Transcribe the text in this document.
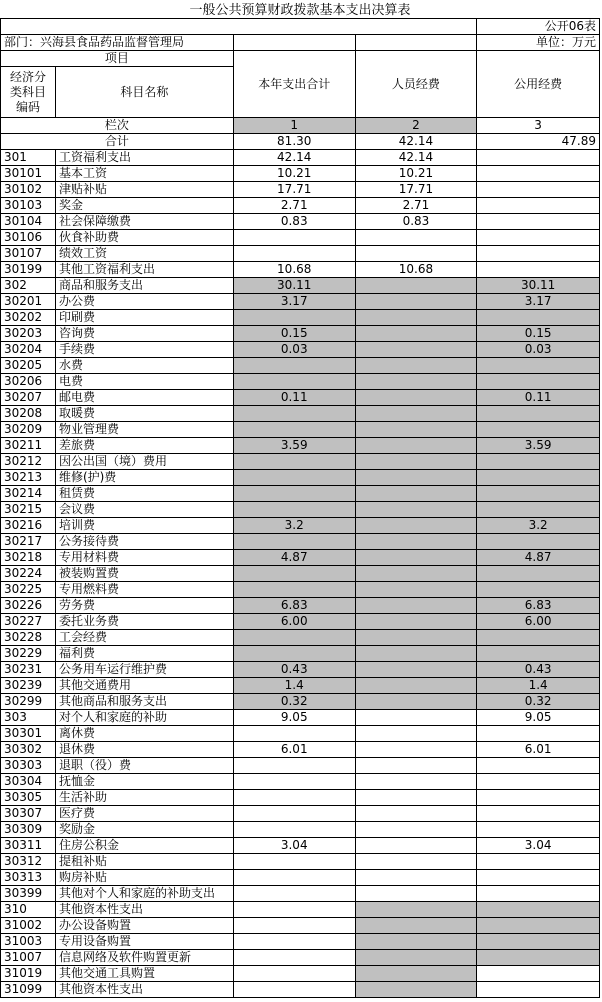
一般公共预算财政拨款基本支出决算表
				公开06表
部门：兴海县食品药品监督管理局				单位：万元
项目		本年支出合计	人员经费	公用经费
经济分类科目编码	科目名称			
栏次		1	2	3
合计		81.30	42.14	47.89
301	工资福利支出	42.14	42.14	
30101	基本工资	10.21	10.21	
30102	津贴补贴	17.71	17.71	
30103	奖金	2.71	2.71	
30104	社会保障缴费	0.83	0.83	
30106	伙食补助费			
30107	绩效工资			
30199	其他工资福利支出	10.68	10.68	
302	商品和服务支出	30.11		30.11
30201	办公费	3.17		3.17
30202	印刷费			
30203	咨询费	0.15		0.15
30204	手续费	0.03		0.03
30205	水费			
30206	电费			
30207	邮电费	0.11		0.11
30208	取暖费			
30209	物业管理费			
30211	差旅费	3.59		3.59
30212	因公出国（境）费用			
30213	维修(护)费			
30214	租赁费			
30215	会议费			
30216	培训费	3.2		3.2
30217	公务接待费			
30218	专用材料费	4.87		4.87
30224	被装购置费			
30225	专用燃料费			
30226	劳务费	6.83		6.83
30227	委托业务费	6.00		6.00
30228	工会经费			
30229	福利费			
30231	公务用车运行维护费	0.43		0.43
30239	其他交通费用	1.4		1.4
30299	其他商品和服务支出	0.32		0.32
303	对个人和家庭的补助	9.05		9.05
30301	离休费			
30302	退休费	6.01		6.01
30303	退职（役）费			
30304	抚恤金			
30305	生活补助			
30307	医疗费			
30309	奖励金			
30311	住房公积金	3.04		3.04
30312	提租补贴			
30313	购房补贴			
30399	其他对个人和家庭的补助支出			
310	其他资本性支出			
31002	办公设备购置			
31003	专用设备购置			
31007	信息网络及软件购置更新			
31019	其他交通工具购置			
31099	其他资本性支出			
